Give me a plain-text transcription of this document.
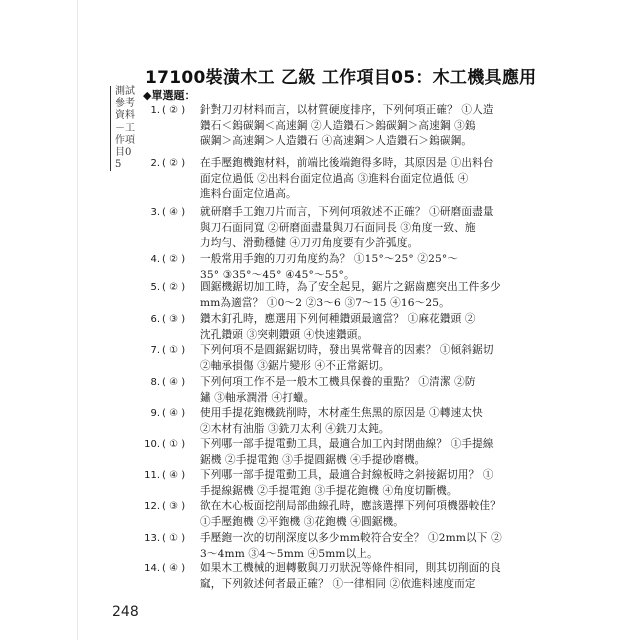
17100裝潢木工 乙級 工作項目05：木工機具應用
測試參考資料－工作項目05
◆單選題：
1. ( ② ) 針對刀刃材料而言，以材質硬度排序，下列何項正確？ ①人造
鑽石＜鎢碳鋼＜高速鋼 ②人造鑽石＞鎢碳鋼＞高速鋼 ③鎢
碳鋼＞高速鋼＞人造鑽石 ④高速鋼＞人造鑽石＞鎢碳鋼。
2. ( ② ) 在手壓鉋機鉋材料，前端比後端鉋得多時，其原因是 ①出料台
面定位過低 ②出料台面定位過高 ③進料台面定位過低 ④
進料台面定位過高。
3. ( ④ ) 就研磨手工鉋刀片而言，下列何項敘述不正確？ ①研磨面盡量
與刀石面同寬 ②研磨面盡量與刀石面同長 ③角度一致、施
力均勻、滑動穩健 ④刀刃角度要有少許弧度。
4. ( ② ) 一般常用手鉋的刀刃角度約為？ ①15°～25° ②25°～
35° ③35°～45° ④45°～55°。
5. ( ② ) 圓鋸機鋸切加工時，為了安全起見，鋸片之鋸齒應突出工件多少
mm為適當？ ①0～2 ②3～6 ③7～15 ④16～25。
6. ( ③ ) 鑽木釘孔時，應選用下列何種鑽頭最適當？ ①麻花鑽頭 ②
沈孔鑽頭 ③突剌鑽頭 ④快速鑽頭。
7. ( ① ) 下列何項不是圓鋸鋸切時，發出異常聲音的因素？ ①傾斜鋸切
②軸承損傷 ③鋸片變形 ④不正常鋸切。
8. ( ④ ) 下列何項工作不是一般木工機具保養的重點？ ①清潔 ②防
鏽 ③軸承潤滑 ④打蠟。
9. ( ④ ) 使用手提花鉋機銑削時，木材產生焦黑的原因是 ①轉速太快
②木材有油脂 ③銑刀太利 ④銑刀太鈍。
10. ( ① ) 下列哪一部手提電動工具，最適合加工內封閉曲線？ ①手提線
鋸機 ②手提電鉋 ③手提圓鋸機 ④手提砂磨機。
11. ( ④ ) 下列哪一部手提電動工具，最適合封線板時之斜接鋸切用？ ①
手提線鋸機 ②手提電鉋 ③手提花鉋機 ④角度切斷機。
12. ( ③ ) 欲在木心板面挖削局部曲線孔時，應該選擇下列何項機器較佳？
①手壓鉋機 ②平鉋機 ③花鉋機 ④圓鋸機。
13. ( ① ) 手壓鉋一次的切削深度以多少mm較符合安全？ ①2mm以下 ②
3～4mm ③4～5mm ④5mm以上。
14. ( ④ ) 如果木工機械的迴轉數與刀刃狀況等條件相同，則其切削面的良
窳，下列敘述何者最正確？ ①一律相同 ②依進料速度而定
248
